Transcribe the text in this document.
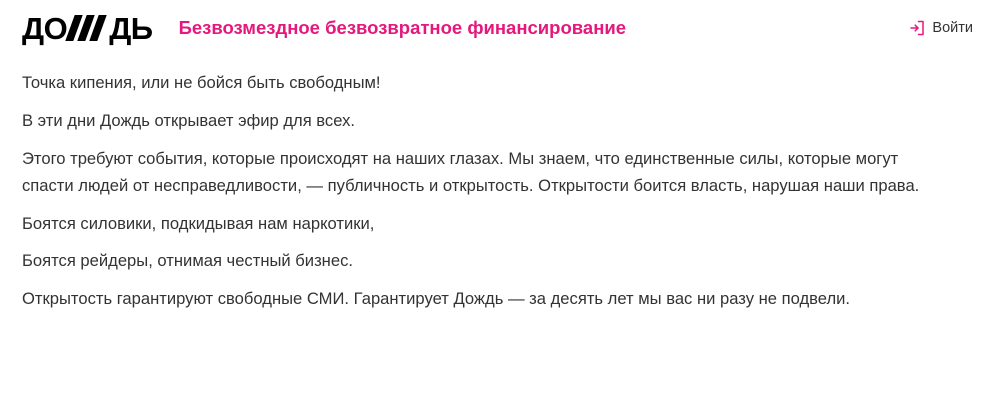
ДО ДЬ Безвозмездное безвозвратное финансирование	Войти

Точка кипения, или не бойся быть свободным!

В эти дни Дождь открывает эфир для всех.

Этого требуют события, которые происходят на наших глазах. Мы знаем, что единственные силы, которые могут спасти людей от несправедливости, — публичность и открытость. Открытости боится власть, нарушая наши права.

Боятся силовики, подкидывая нам наркотики,

Боятся рейдеры, отнимая честный бизнес.

Открытость гарантируют свободные СМИ. Гарантирует Дождь — за десять лет мы вас ни разу не подвели.
